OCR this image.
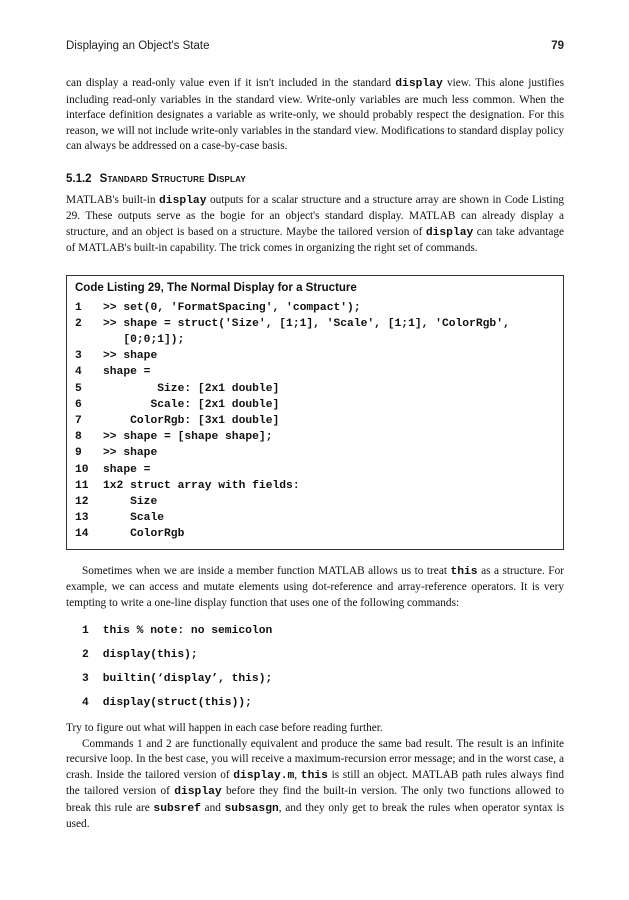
Displaying an Object's State	79

can display a read-only value even if it isn't included in the standard display view. This alone justifies including read-only variables in the standard view. Write-only variables are much less common. When the interface definition designates a variable as write-only, we should probably respect the designation. For this reason, we will not include write-only variables in the standard view. Modifications to standard display policy can always be addressed on a case-by-case basis.

5.1.2 Standard Structure Display

MATLAB's built-in display outputs for a scalar structure and a structure array are shown in Code Listing 29. These outputs serve as the bogie for an object's standard display. MATLAB can already display a structure, and an object is based on a structure. Maybe the tailored version of display can take advantage of MATLAB's built-in capability. The trick comes in organizing the right set of commands.

Code Listing 29, The Normal Display for a Structure
1	>> set(0, 'FormatSpacing', 'compact');
2	>> shape = struct('Size', [1;1], 'Scale', [1;1], 'ColorRgb',
[0;0;1]);
3	>> shape
4	shape =
5	Size: [2x1 double]
6	Scale: [2x1 double]
7	ColorRgb: [3x1 double]
8	>> shape = [shape shape];
9	>> shape
10	shape =
11	1x2 struct array with fields:
12	Size
13	Scale
14	ColorRgb

Sometimes when we are inside a member function MATLAB allows us to treat this as a structure. For example, we can access and mutate elements using dot-reference and array-reference operators. It is very tempting to write a one-line display function that uses one of the following commands:

1 this % note: no semicolon
2 display(this);
3 builtin(‘display’, this);
4 display(struct(this));

Try to figure out what will happen in each case before reading further.

Commands 1 and 2 are functionally equivalent and produce the same bad result. The result is an infinite recursive loop. In the best case, you will receive a maximum-recursion error message; and in the worst case, a crash. Inside the tailored version of display.m, this is still an object. MATLAB path rules always find the tailored version of display before they find the built-in version. The only two functions allowed to break this rule are subsref and subsasgn, and they only get to break the rules when operator syntax is used.
